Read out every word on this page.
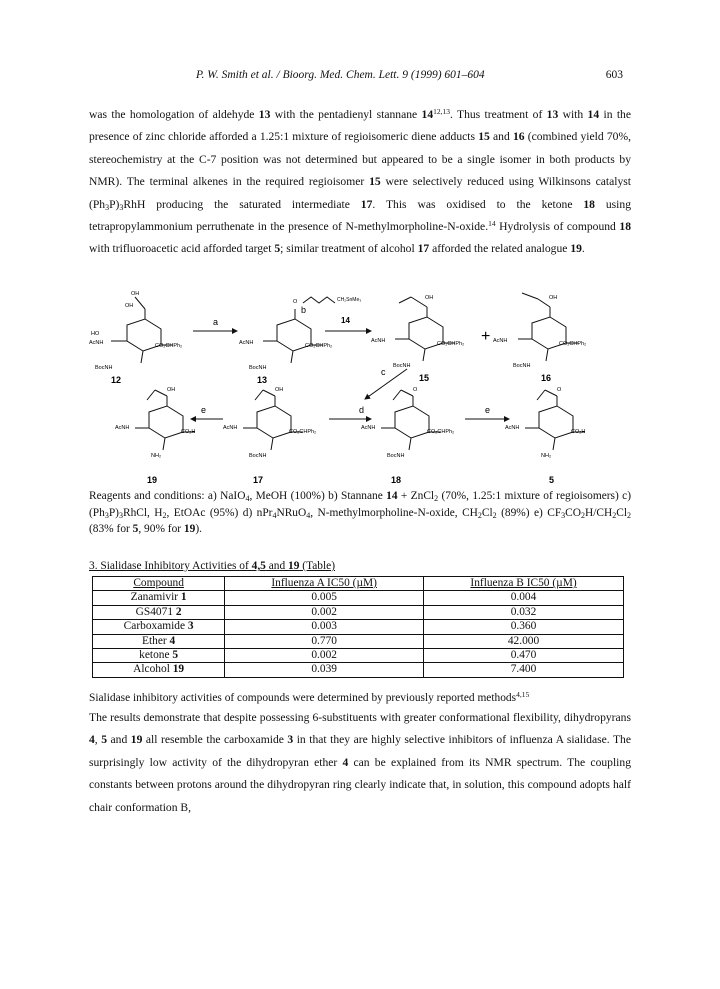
P. W. Smith et al. / Bioorg. Med. Chem. Lett. 9 (1999) 601–604	603
was the homologation of aldehyde 13 with the pentadienyl stannane 14$^{12,13}$. Thus treatment of 13 with 14 in the presence of zinc chloride afforded a 1.25:1 mixture of regioisomeric diene adducts 15 and 16 (combined yield 70%, stereochemistry at the C-7 position was not determined but appeared to be a single isomer in both products by NMR). The terminal alkenes in the required regioisomer 15 were selectively reduced using Wilkinsons catalyst $(Ph_3P)_3RhH$ producing the saturated intermediate 17. This was oxidised to the ketone 18 using tetrapropylammonium perruthenate in the presence of N-methylmorpholine-N-oxide.$^{14}$ Hydrolysis of compound 18 with trifluoroacetic acid afforded target 5; similar treatment of alcohol 17 afforded the related analogue 19.
+
a
b
c
d
e	e
14
CH₂SnMe₃
12	13	15	16
19	17	18	5
OH
OH
HO
AcNH	CO₂CHPh₂
BocNH
O
AcNH	CO₂CHPh₂
BocNH
OH
AcNH	CO₂CHPh₂
BocNH
OH
AcNH	CO₂CHPh₂
BocNH
OH
AcNH
CO₂H
NH₂
OH
AcNH
CO₂CHPh₂
BocNH
O
AcNH
CO₂CHPh₂
BocNH
O
AcNH
CO₂H
NH₂
Reagents and conditions: a) NaIO$_4$, MeOH (100%) b) Stannane 14 + ZnCl$_2$ (70%, 1.25:1 mixture of regioisomers) c) $(Ph_3P)_3RhCl$, $H_2$, EtOAc (95%) d) nPr$_4$NRuO$_4$, N-methylmorpholine-N-oxide, $CH_2Cl_2$ (89%) e) $CF_3CO_2H/CH_2Cl_2$ (83% for 5, 90% for 19).
3. Sialidase Inhibitory Activities of 4,5 and 19 (Table)
Compound	Influenza A IC50 (µM)	Influenza B IC50 (µM)
Zanamivir 1	0.005	0.004
GS4071 2	0.002	0.032
Carboxamide 3	0.003	0.360
Ether 4	0.770	42.000
ketone 5	0.002	0.470
Alcohol 19	0.039	7.400
Sialidase inhibitory activities of compounds were determined by previously reported methods$^{4,15}$
The results demonstrate that despite possessing 6-substituents with greater conformational flexibility, dihydropyrans 4, 5 and 19 all resemble the carboxamide 3 in that they are highly selective inhibitors of influenza A sialidase. The surprisingly low activity of the dihydropyran ether 4 can be explained from its NMR spectrum. The coupling constants between protons around the dihydropyran ring clearly indicate that, in solution, this compound adopts half chair conformation B,
